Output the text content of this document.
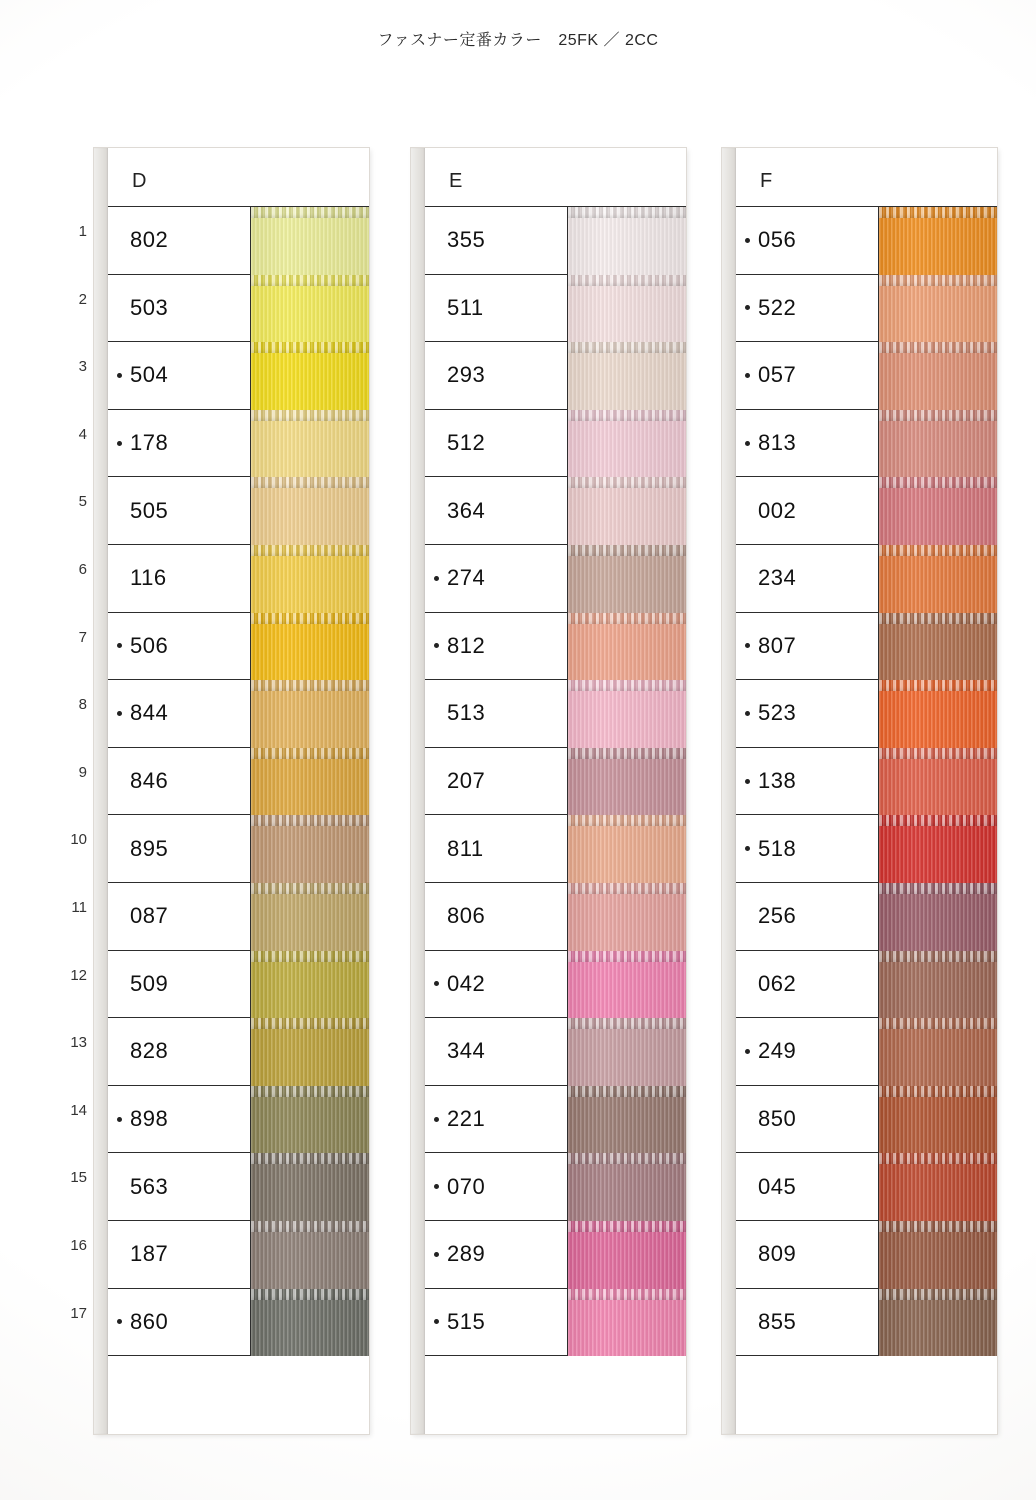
ファスナー定番カラー　25FK ／ 2CC
1
2
3
4
5
6
7
8
9
10
11
12
13
14
15
16
17
D
802
503
504
178
505
116
506
844
846
895
087
509
828
898
563
187
860
E
355
511
293
512
364
274
812
513
207
811
806
042
344
221
070
289
515
F
056
522
057
813
002
234
807
523
138
518
256
062
249
850
045
809
855
